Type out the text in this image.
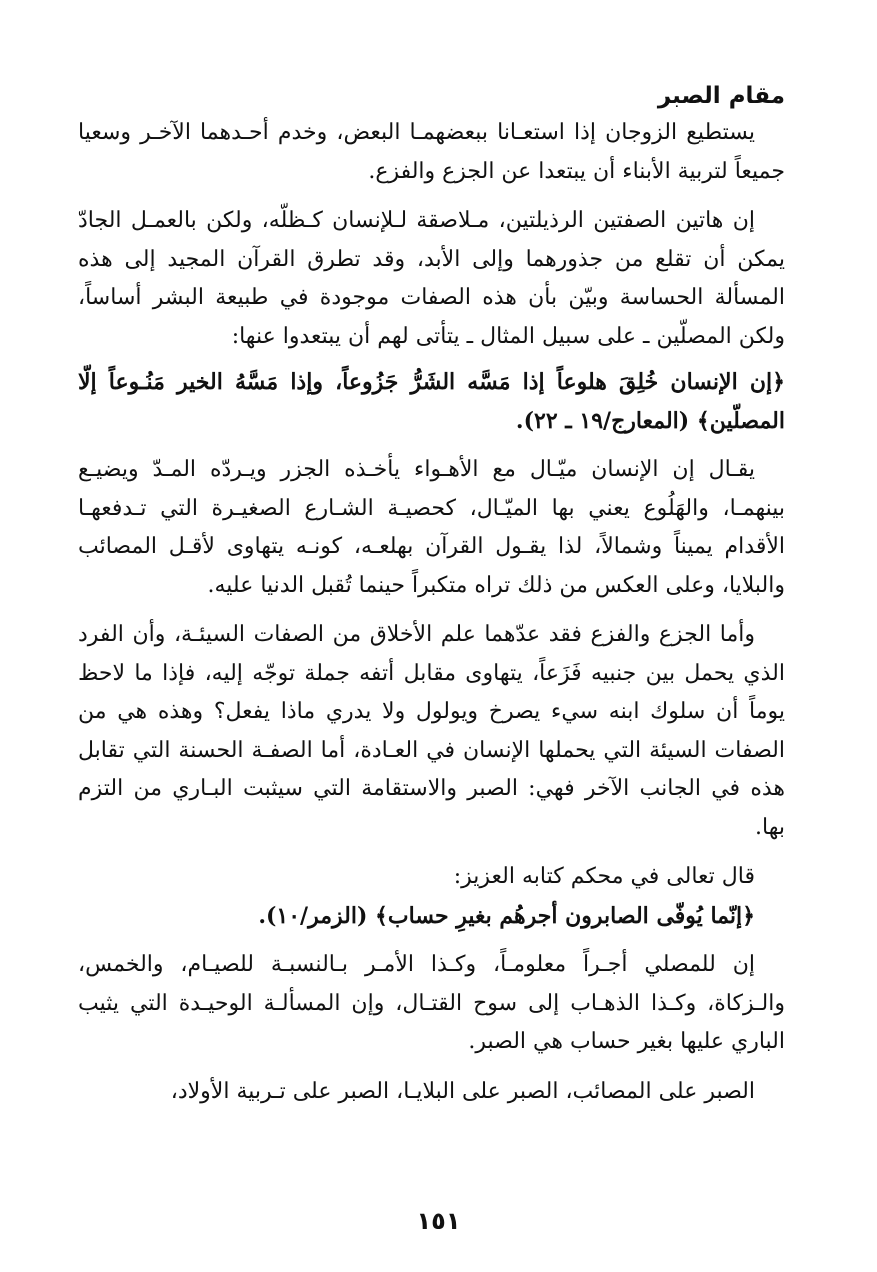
مقام الصبر

يستطيع الزوجان إذا استعـانا ببعضهمـا البعض، وخدم أحـدهما الآخـر وسعيا جميعاً لتربية الأبناء أن يبتعدا عن الجزع والفزع.

إن هاتين الصفتين الرذيلتين، مـلاصقة لـلإنسان كـظلّه، ولكن بالعمـل الجادّ يمكن أن تقلع من جذورهما وإلى الأبد، وقد تطرق القرآن المجيد إلى هذه المسألة الحساسة وبيّن بأن هذه الصفات موجودة في طبيعة البشر أساساً، ولكن المصلّين ـ على سبيل المثال ـ يتأتى لهم أن يبتعدوا عنها:

﴿إن الإنسان خُلِقَ هلوعاً إذا مَسَّه الشَرُّ جَزُوعاً، وإذا مَسَّهُ الخير مَنُـوعاً إلّا المصلّين﴾ (المعارج/١٩ ـ ٢٢).

يقـال إن الإنسان ميّـال مع الأهـواء يأخـذه الجزر ويـردّه المـدّ ويضيـع بينهمـا، والهَلُوع يعني بها الميّـال، كحصيـة الشـارع الصغيـرة التي تـدفعهـا الأقدام يميناً وشمالاً، لذا يقـول القرآن بهلعـه، كونـه يتهاوى لأقـل المصائب والبلايا، وعلى العكس من ذلك تراه متكبراً حينما تُقبل الدنيا عليه.

وأما الجزع والفزع فقد عدّهما علم الأخلاق من الصفات السيئـة، وأن الفرد الذي يحمل بين جنبيه فَزَعاً، يتهاوى مقابل أتفه جملة توجّه إليه، فإذا ما لاحظ يوماً أن سلوك ابنه سيء يصرخ ويولول ولا يدري ماذا يفعل؟ وهذه هي من الصفات السيئة التي يحملها الإنسان في العـادة، أما الصفـة الحسنة التي تقابل هذه في الجانب الآخر فهي: الصبر والاستقامة التي سيثبت البـاري من التزم بها.

قال تعالى في محكم كتابه العزيز:

﴿إنّما يُوفّى الصابرون أجرهُم بغيرِ حساب﴾ (الزمر/١٠).

إن للمصلي أجـراً معلومـاً، وكـذا الأمـر بـالنسبـة للصيـام، والخمس، والـزكاة، وكـذا الذهـاب إلى سوح القتـال، وإن المسألـة الوحيـدة التي يثيب الباري عليها بغير حساب هي الصبر.

الصبر على المصائب، الصبر على البلايـا، الصبر على تـربية الأولاد،

١٥١
